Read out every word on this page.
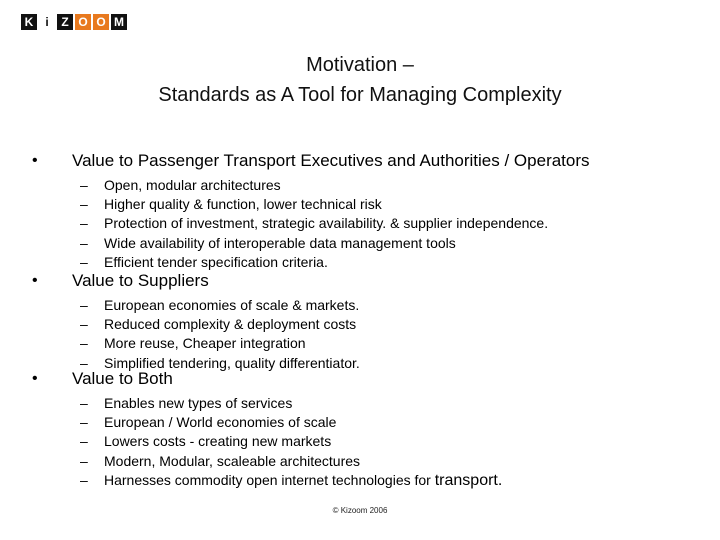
K	i	Z O O M
Motivation –
Standards as A Tool for Managing Complexity
• Value to Passenger Transport Executives and Authorities / Operators
– Open, modular architectures
– Higher quality & function, lower technical risk
– Protection of investment, strategic availability. & supplier independence.
– Wide availability of interoperable data management tools
– Efficient tender specification criteria.
• Value to Suppliers
– European economies of scale & markets.
– Reduced complexity & deployment costs
– More reuse, Cheaper integration
– Simplified tendering, quality differentiator.
• Value to Both
– Enables new types of services
– European / World economies of scale
– Lowers costs - creating new markets
– Modern, Modular, scaleable architectures
– Harnesses commodity open internet technologies for transport.
© Kizoom 2006
